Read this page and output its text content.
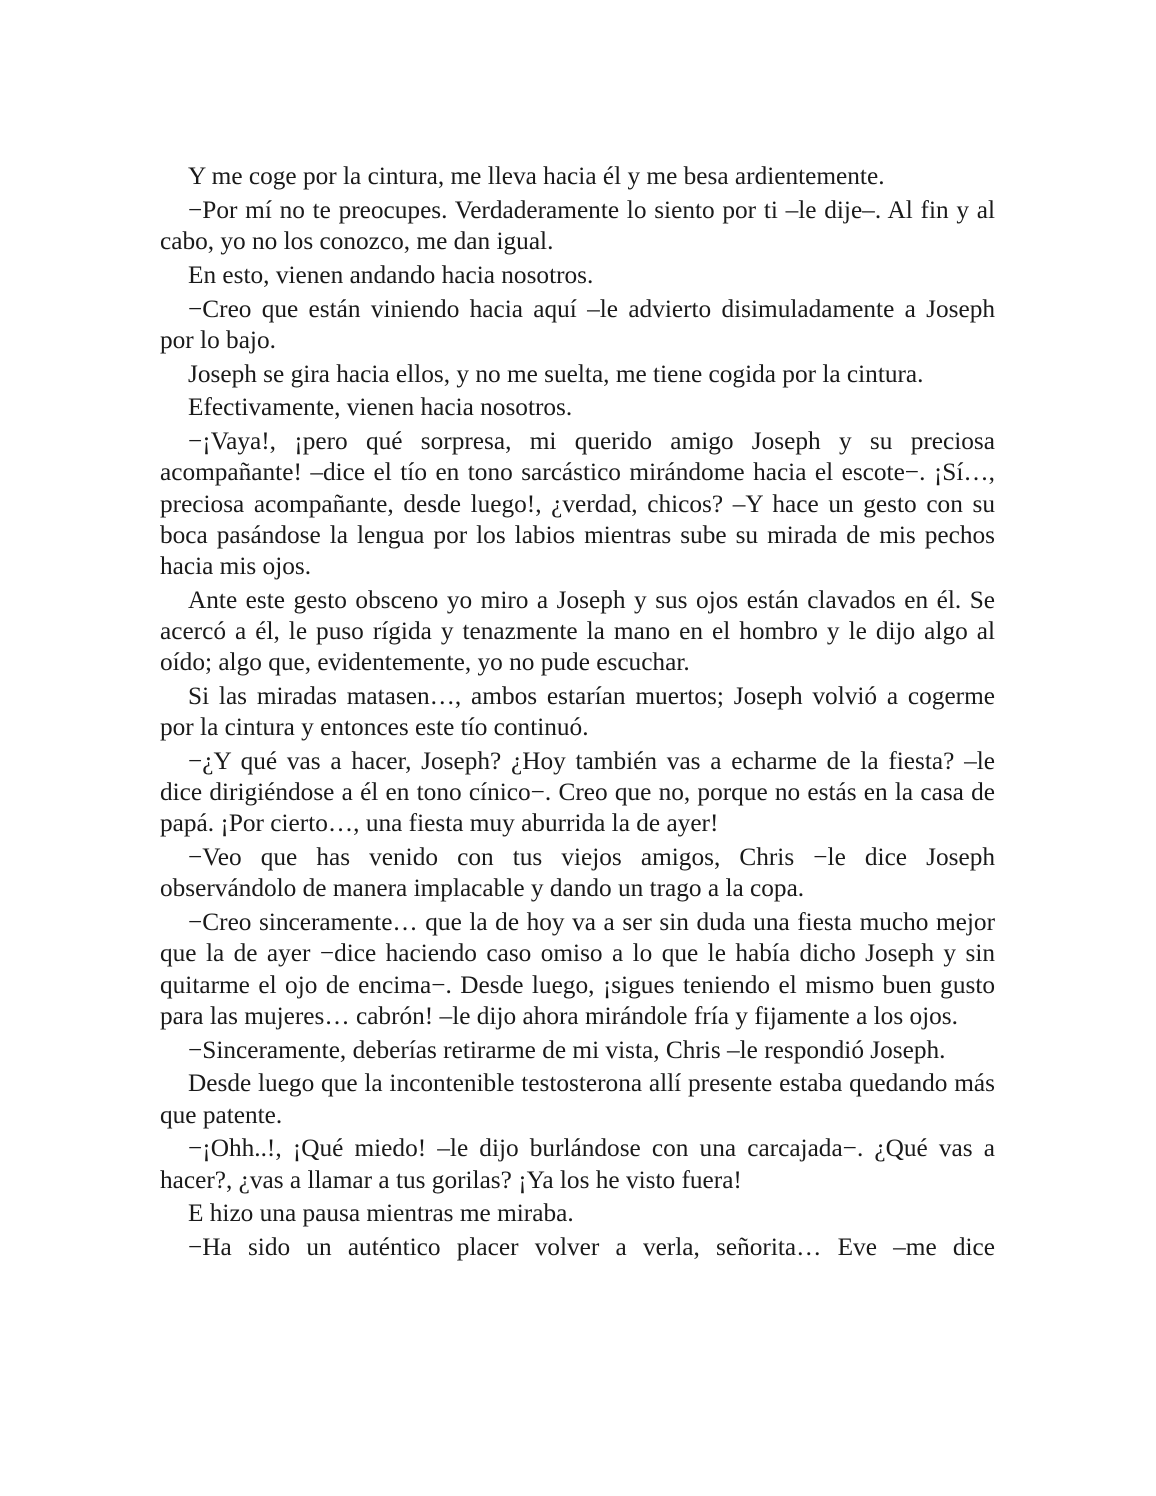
Y me coge por la cintura, me lleva hacia él y me besa ardientemente.

−Por mí no te preocupes. Verdaderamente lo siento por ti –le dije–. Al fin y al cabo, yo no los conozco, me dan igual.

En esto, vienen andando hacia nosotros.

−Creo que están viniendo hacia aquí –le advierto disimuladamente a Joseph por lo bajo.

Joseph se gira hacia ellos, y no me suelta, me tiene cogida por la cintura.

Efectivamente, vienen hacia nosotros.

−¡Vaya!, ¡pero qué sorpresa, mi querido amigo Joseph y su preciosa acompañante! –dice el tío en tono sarcástico mirándome hacia el escote−. ¡Sí…, preciosa acompañante, desde luego!, ¿verdad, chicos? –Y hace un gesto con su boca pasándose la lengua por los labios mientras sube su mirada de mis pechos hacia mis ojos.

Ante este gesto obsceno yo miro a Joseph y sus ojos están clavados en él. Se acercó a él, le puso rígida y tenazmente la mano en el hombro y le dijo algo al oído; algo que, evidentemente, yo no pude escuchar.

Si las miradas matasen…, ambos estarían muertos; Joseph volvió a cogerme por la cintura y entonces este tío continuó.

−¿Y qué vas a hacer, Joseph? ¿Hoy también vas a echarme de la fiesta? –le dice dirigiéndose a él en tono cínico−. Creo que no, porque no estás en la casa de papá. ¡Por cierto…, una fiesta muy aburrida la de ayer!

−Veo que has venido con tus viejos amigos, Chris −le dice Joseph observándolo de manera implacable y dando un trago a la copa.

−Creo sinceramente… que la de hoy va a ser sin duda una fiesta mucho mejor que la de ayer −dice haciendo caso omiso a lo que le había dicho Joseph y sin quitarme el ojo de encima−. Desde luego, ¡sigues teniendo el mismo buen gusto para las mujeres… cabrón! –le dijo ahora mirándole fría y fijamente a los ojos.

−Sinceramente, deberías retirarme de mi vista, Chris –le respondió Joseph.

Desde luego que la incontenible testosterona allí presente estaba quedando más que patente.

−¡Ohh..!, ¡Qué miedo! –le dijo burlándose con una carcajada−. ¿Qué vas a hacer?, ¿vas a llamar a tus gorilas? ¡Ya los he visto fuera!

E hizo una pausa mientras me miraba.

−Ha sido un auténtico placer volver a verla, señorita… Eve –me dice
